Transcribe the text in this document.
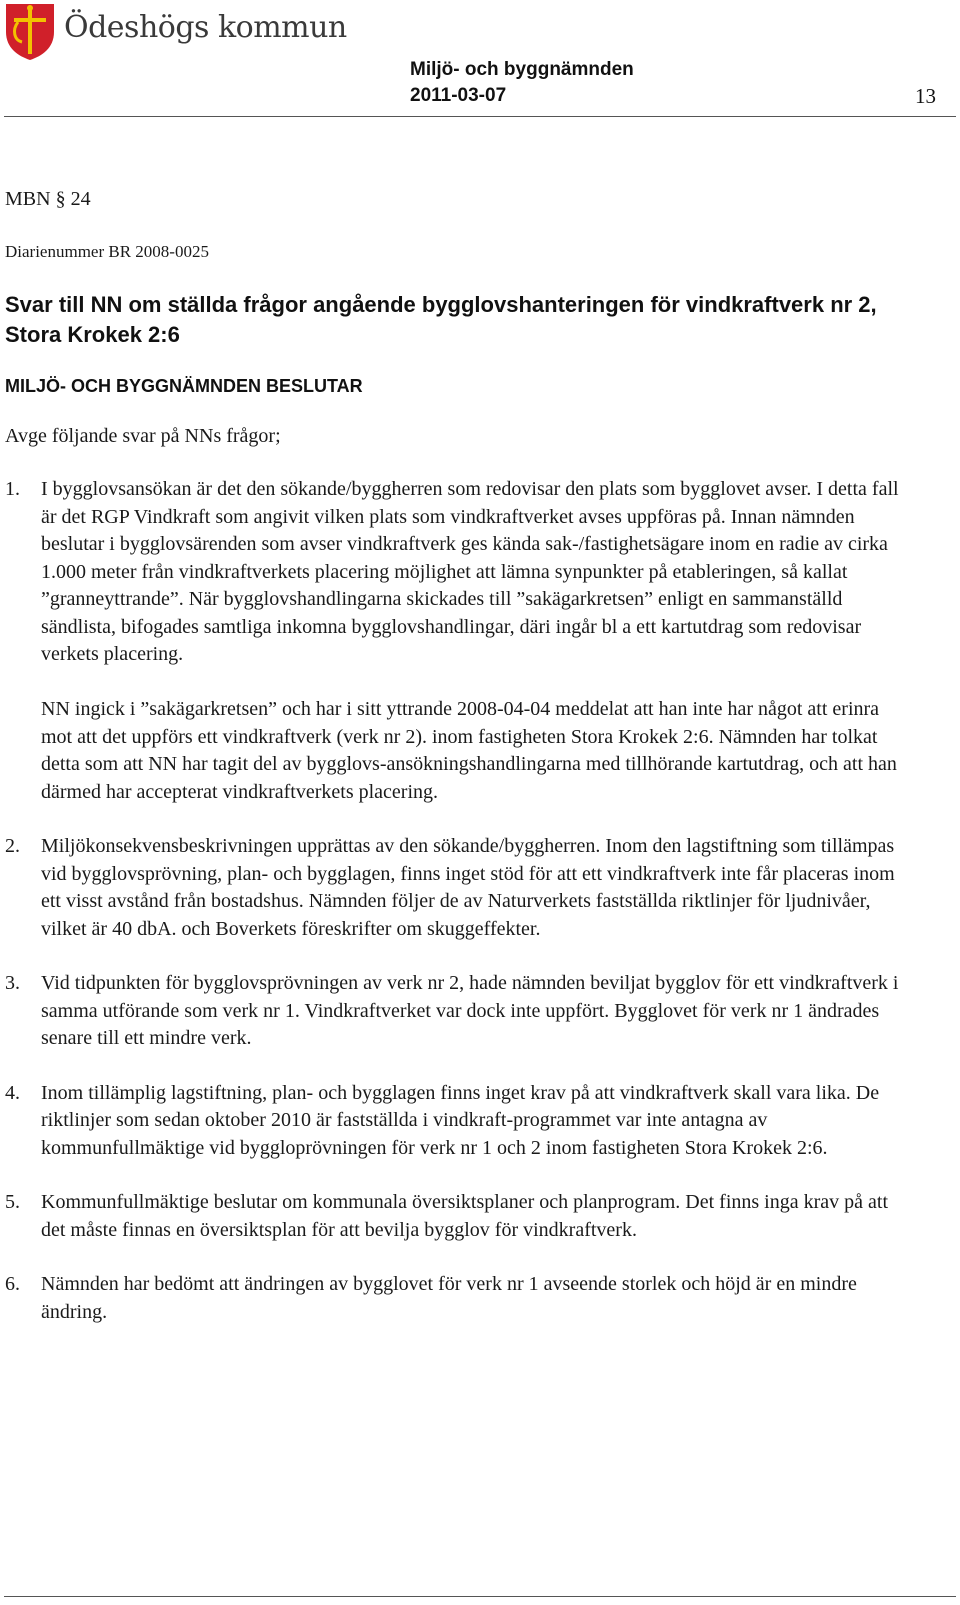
Ödeshögs kommun
Miljö- och byggnämnden
2011-03-07	13
MBN § 24
Diarienummer BR 2008-0025
Svar till NN om ställda frågor angående bygglovshanteringen för vindkraftverk nr 2, Stora Krokek 2:6
MILJÖ- OCH BYGGNÄMNDEN BESLUTAR
Avge följande svar på NNs frågor;
1. I bygglovsansökan är det den sökande/byggherren som redovisar den plats som bygglovet avser. I detta fall är det RGP Vindkraft som angivit vilken plats som vindkraftverket avses uppföras på. Innan nämnden beslutar i bygglovsärenden som avser vindkraftverk ges kända sak-/fastighetsägare inom en radie av cirka 1.000 meter från vindkraftverkets placering möjlighet att lämna synpunkter på etableringen, så kallat ”granneyttrande”. När bygglovshandlingarna skickades till ”sakägarkretsen” enligt en sammanställd sändlista, bifogades samtliga inkomna bygglovshandlingar, däri ingår bl a ett kartutdrag som redovisar verkets placering.

NN ingick i ”sakägarkretsen” och har i sitt yttrande 2008-04-04 meddelat att han inte har något att erinra mot att det uppförs ett vindkraftverk (verk nr 2). inom fastigheten Stora Krokek 2:6. Nämnden har tolkat detta som att NN har tagit del av bygglovs-ansökningshandlingarna med tillhörande kartutdrag, och att han därmed har accepterat vindkraftverkets placering.

2. Miljökonsekvensbeskrivningen upprättas av den sökande/byggherren. Inom den lagstiftning som tillämpas vid bygglovsprövning, plan- och bygglagen, finns inget stöd för att ett vindkraftverk inte får placeras inom ett visst avstånd från bostadshus. Nämnden följer de av Naturverkets fastställda riktlinjer för ljudnivåer, vilket är 40 dbA. och Boverkets föreskrifter om skuggeffekter.

3. Vid tidpunkten för bygglovsprövningen av verk nr 2, hade nämnden beviljat bygglov för ett vindkraftverk i samma utförande som verk nr 1. Vindkraftverket var dock inte uppfört. Bygglovet för verk nr 1 ändrades senare till ett mindre verk.

4. Inom tillämplig lagstiftning, plan- och bygglagen finns inget krav på att vindkraftverk skall vara lika. De riktlinjer som sedan oktober 2010 är fastställda i vindkraft-programmet var inte antagna av kommunfullmäktige vid byggloprövningen för verk nr 1 och 2 inom fastigheten Stora Krokek 2:6.

5. Kommunfullmäktige beslutar om kommunala översiktsplaner och planprogram. Det finns inga krav på att det måste finnas en översiktsplan för att bevilja bygglov för vindkraftverk.

6. Nämnden har bedömt att ändringen av bygglovet för verk nr 1 avseende storlek och höjd är en mindre ändring.
